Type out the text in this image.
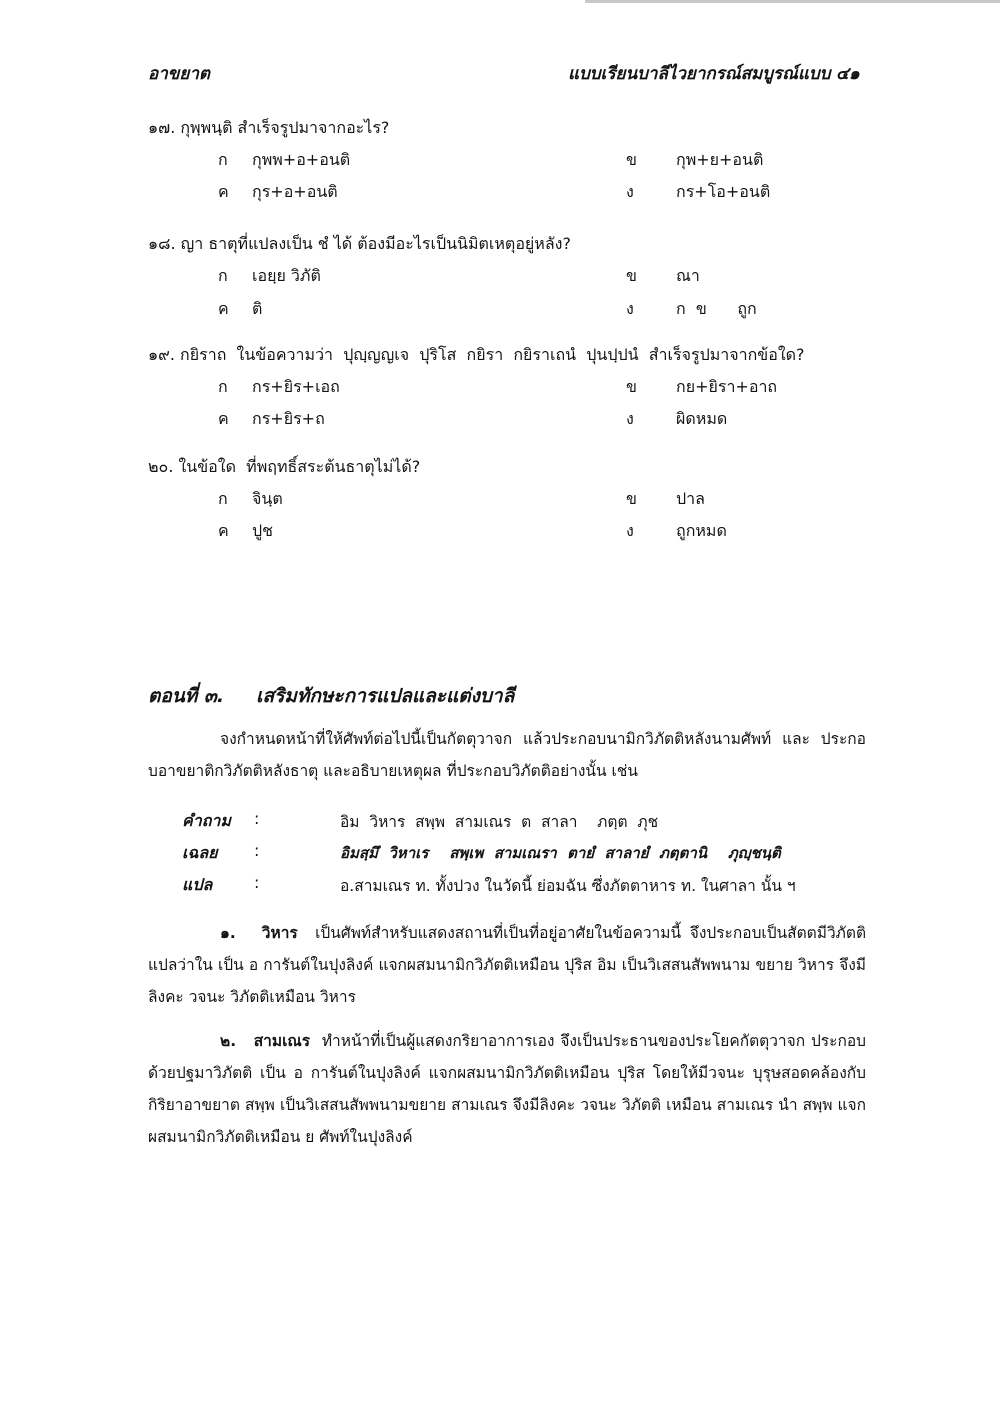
อาขยาต	แบบเรียนบาลีไวยากรณ์สมบูรณ์แบบ ๔๑
๑๗. กุพฺพนฺติ สำเร็จรูปมาจากอะไร?
ก กุพพ+อ+อนติ	ข กุพ+ย+อนติ
ค กุร+อ+อนติ	ง	กร+โอ+อนติ
๑๘. ญา ธาตุที่แปลงเป็น ชํ ได้ ต้องมีอะไรเป็นนิมิตเหตุอยู่หลัง?
ก เอยฺย วิภัติ	ข ณา
ค ติ	ง	ก  ข      ถูก
๑๙. กยิราถ  ในข้อความว่า  ปุญฺญญเจ  ปุริโส  กยิรา  กยิราเถนํ  ปุนปฺปนํ  สำเร็จรูปมาจากข้อใด?
ก กร+ยิร+เอถ	ข กย+ยิรา+อาถ
ค กร+ยิร+ถ	ง	ผิดหมด
๒๐. ในข้อใด  ที่พฤทธิ์สระต้นธาตุไม่ได้?
ก จินฺต	ข ปาล
ค ปูช	ง	ถูกหมด
ตอนที่ ๓. เสริมทักษะการแปลและแต่งบาลี
จงกำหนดหน้าที่ให้ศัพท์ต่อไปนี้เป็นกัตตุวาจก แล้วประกอบนามิกวิภัตติหลังนามศัพท์ และ ประกอบอาขยาติกวิภัตติหลังธาตุ และอธิบายเหตุผล ที่ประกอบวิภัตติอย่างนั้น เช่น
คำถาม :	อิม  วิหาร  สพฺพ  สามเณร  ต  สาลา    ภตฺต  ภุช
เฉลย :	อิมสฺมึ  วิหาเร    สพฺเพ  สามเณรา  ตายํ  สาลายํ  ภตฺตานิ    ภุญฺชนฺติ
แปล	:	อ.สามเณร ท. ทั้งปวง ในวัดนี้ ย่อมฉัน ซึ่งภัตตาหาร ท. ในศาลา นั้น ฯ
๑. วิหาร เป็นศัพท์สำหรับแสดงสถานที่เป็นที่อยู่อาศัยในข้อความนี้ จึงประกอบเป็นสัตตมีวิภัตติแปลว่าใน เป็น อ การันต์ในปุงลิงค์ แจกผสมนามิกวิภัตติเหมือน ปุริส อิม เป็นวิเสสนสัพพนาม ขยาย วิหาร จึงมีลิงคะ วจนะ วิภัตติเหมือน วิหาร
๒. สามเณร ทำหน้าที่เป็นผู้แสดงกริยาอาการเอง จึงเป็นประธานของประโยคกัตตุวาจก ประกอบด้วยปฐมาวิภัตติ เป็น อ การันต์ในปุงลิงค์ แจกผสมนามิกวิภัตติเหมือน ปุริส โดยให้มีวจนะ บุรุษสอดคล้องกับกิริยาอาขยาต สพฺพ เป็นวิเสสนสัพพนามขยาย สามเณร จึงมีลิงคะ วจนะ วิภัตติ เหมือน สามเณร นำ สพฺพ แจกผสมนามิกวิภัตติเหมือน ย ศัพท์ในปุงลิงค์
